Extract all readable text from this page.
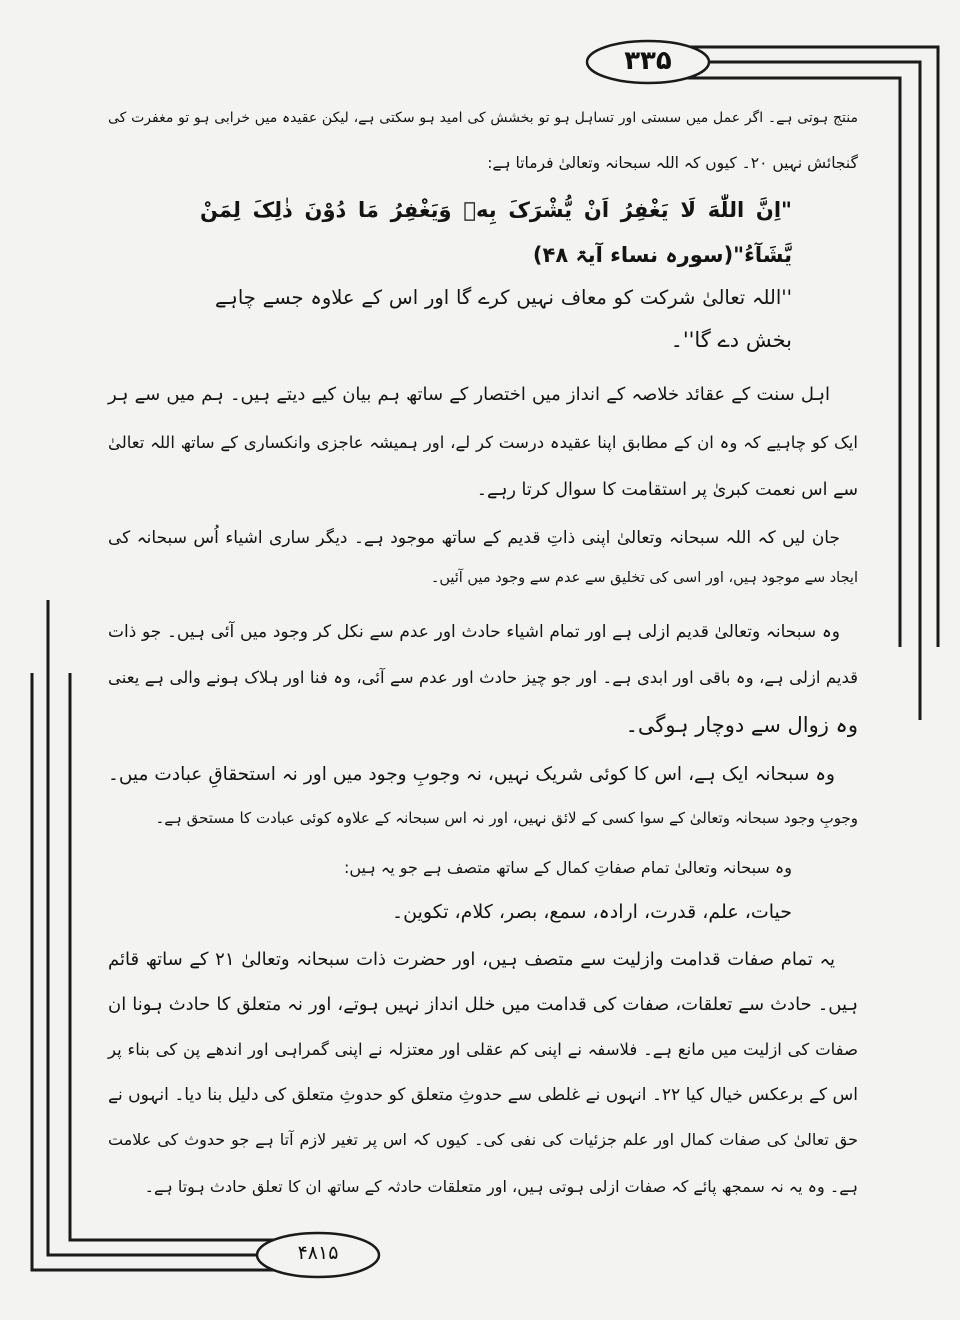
۳۳۵
۴۸۱۵
منتج ہوتی ہے۔ اگر عمل میں سستی اور تساہل ہو تو بخشش کی امید ہو سکتی ہے، لیکن عقیدہ میں خرابی ہو تو مغفرت کی
گنجائش نہیں ۲۰۔ کیوں کہ اللہ سبحانہ وتعالیٰ فرماتا ہے:
"اِنَّ اللّٰهَ لَا یَغْفِرُ اَنْ یُّشْرَکَ بِهٖ وَیَغْفِرُ مَا دُوْنَ ذٰلِکَ لِمَنْ
یَّشَآءُ"(سورہ نساء آیۃ ۴۸)
''اللہ تعالیٰ شرکت کو معاف نہیں کرے گا اور اس کے علاوہ جسے چاہے
بخش دے گا''۔
اہل سنت کے عقائد خلاصہ کے انداز میں اختصار کے ساتھ ہم بیان کیے دیتے ہیں۔ ہم میں سے ہر
ایک کو چاہیے کہ وہ ان کے مطابق اپنا عقیدہ درست کر لے، اور ہمیشہ عاجزی وانکساری کے ساتھ اللہ تعالیٰ
سے اس نعمت کبریٰ پر استقامت کا سوال کرتا رہے۔
جان لیں کہ اللہ سبحانہ وتعالیٰ اپنی ذاتِ قدیم کے ساتھ موجود ہے۔ دیگر ساری اشیاء اُس سبحانہ کی
ایجاد سے موجود ہیں، اور اسی کی تخلیق سے عدم سے وجود میں آئیں۔
وہ سبحانہ وتعالیٰ قدیم ازلی ہے اور تمام اشیاء حادث اور عدم سے نکل کر وجود میں آئی ہیں۔ جو ذات
قدیم ازلی ہے، وہ باقی اور ابدی ہے۔ اور جو چیز حادث اور عدم سے آئی، وہ فنا اور ہلاک ہونے والی ہے یعنی
وہ زوال سے دوچار ہوگی۔
وہ سبحانہ ایک ہے، اس کا کوئی شریک نہیں، نہ وجوبِ وجود میں اور نہ استحقاقِ عبادت میں۔
وجوبِ وجود سبحانہ وتعالیٰ کے سوا کسی کے لائق نہیں، اور نہ اس سبحانہ کے علاوہ کوئی عبادت کا مستحق ہے۔
وہ سبحانہ وتعالیٰ تمام صفاتِ کمال کے ساتھ متصف ہے جو یہ ہیں:
حیات، علم، قدرت، ارادہ، سمع، بصر، کلام، تکوین۔
یہ تمام صفات قدامت وازلیت سے متصف ہیں، اور حضرت ذات سبحانہ وتعالیٰ ۲۱ کے ساتھ قائم
ہیں۔ حادث سے تعلقات، صفات کی قدامت میں خلل انداز نہیں ہوتے، اور نہ متعلق کا حادث ہونا ان
صفات کی ازلیت میں مانع ہے۔ فلاسفہ نے اپنی کم عقلی اور معتزلہ نے اپنی گمراہی اور اندھے پن کی بناء پر
اس کے برعکس خیال کیا ۲۲۔ انہوں نے غلطی سے حدوثِ متعلق کو حدوثِ متعلق کی دلیل بنا دیا۔ انہوں نے
حق تعالیٰ کی صفات کمال اور علم جزئیات کی نفی کی۔ کیوں کہ اس پر تغیر لازم آتا ہے جو حدوث کی علامت
ہے۔ وہ یہ نہ سمجھ پائے کہ صفات ازلی ہوتی ہیں، اور متعلقات حادثہ کے ساتھ ان کا تعلق حادث ہوتا ہے۔
